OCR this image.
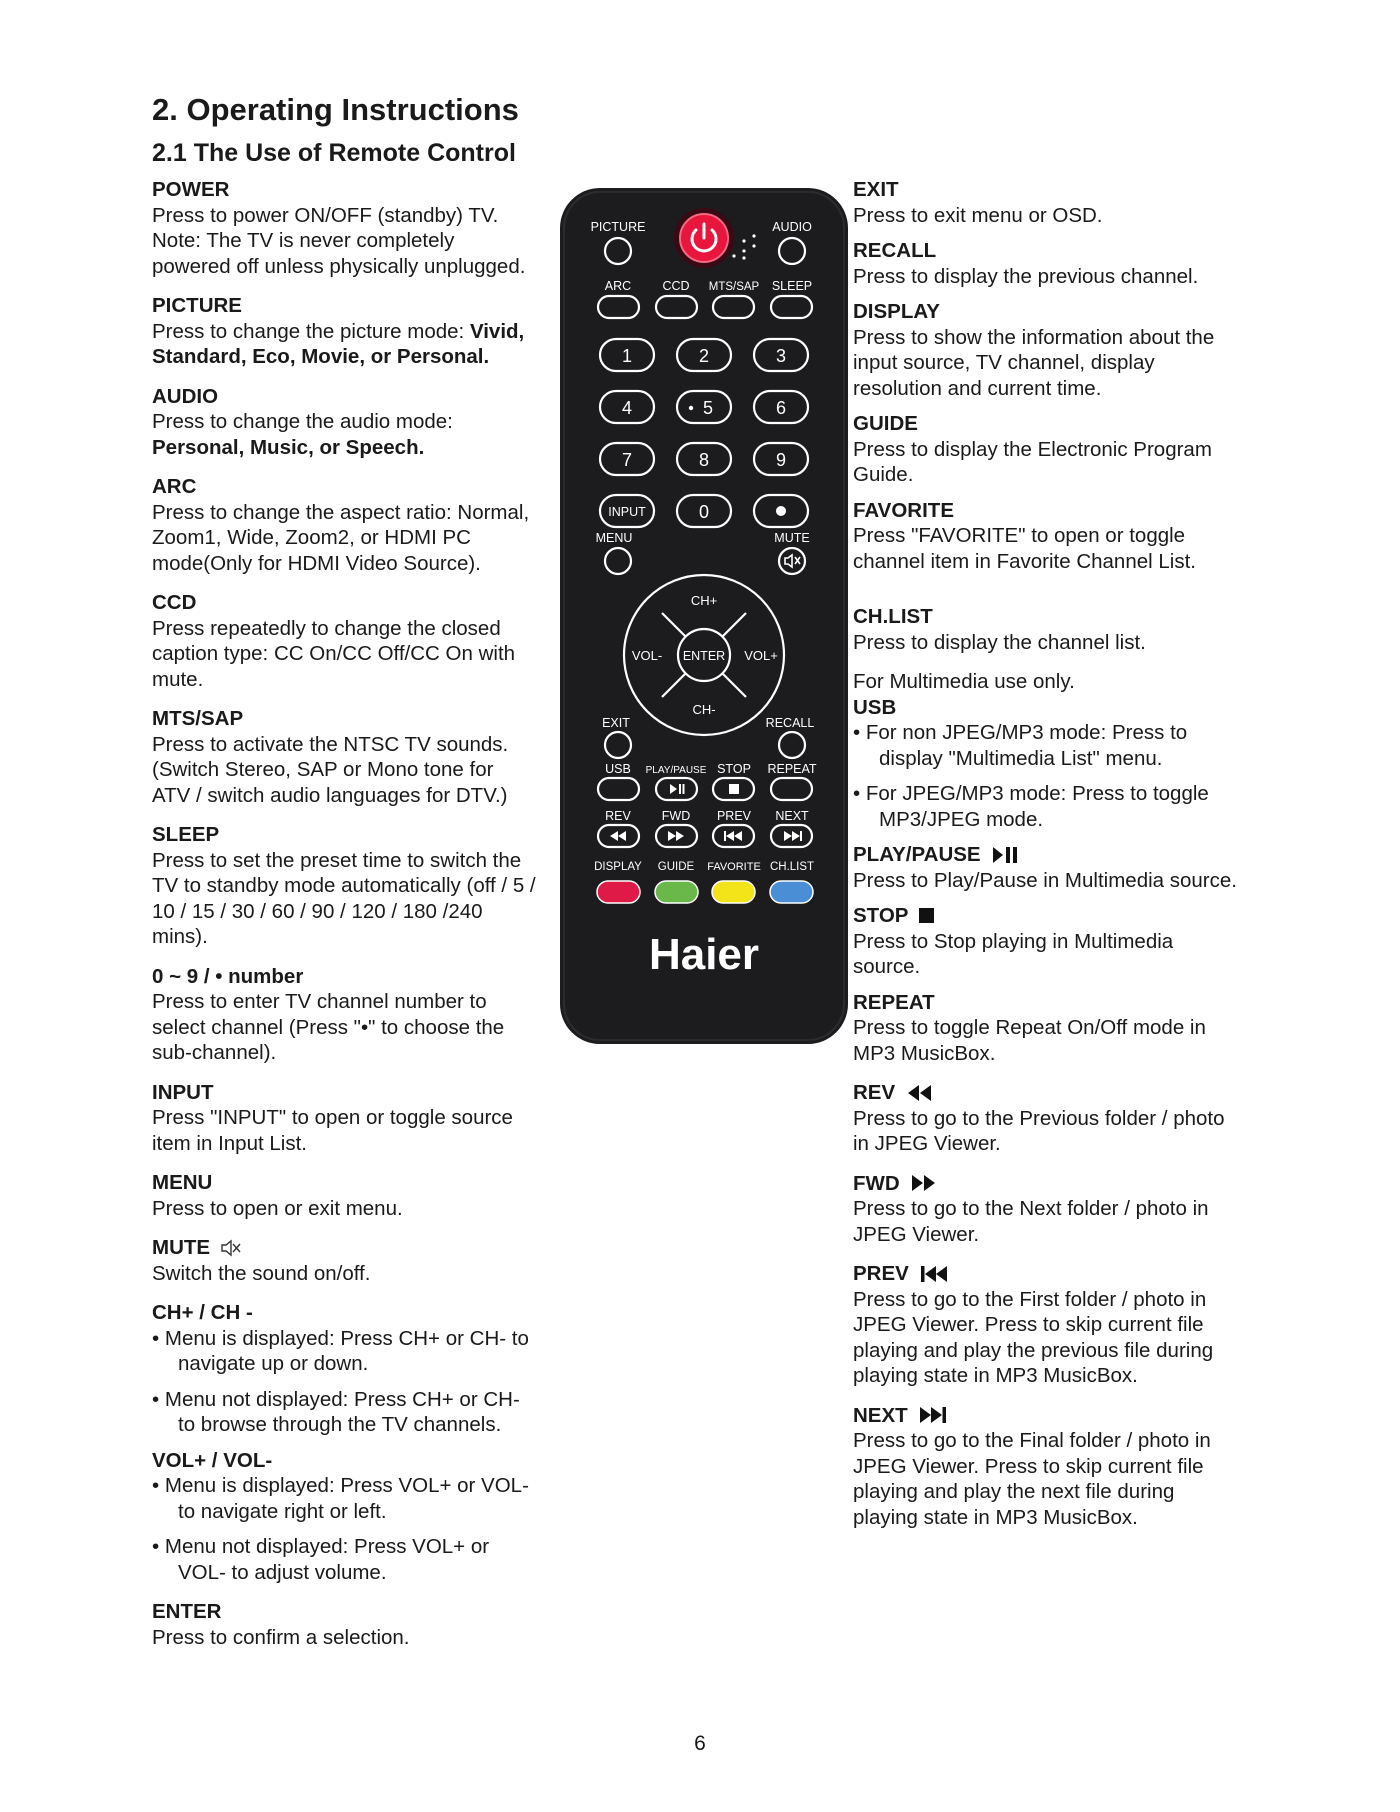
2. Operating Instructions
2.1 The Use of Remote Control
POWER
Press to power ON/OFF (standby) TV.
Note: The TV is never completely
powered off unless physically unplugged.
PICTURE
Press to change the picture mode: Vivid,
Standard, Eco, Movie, or Personal.
AUDIO
Press to change the audio mode:
Personal, Music, or Speech.
ARC
Press to change the aspect ratio: Normal,
Zoom1, Wide, Zoom2, or HDMI PC
mode(Only for HDMI Video Source).
CCD
Press repeatedly to change the closed
caption type: CC On/CC Off/CC On with
mute.
MTS/SAP
Press to activate the NTSC TV sounds.
(Switch Stereo, SAP or Mono tone for
ATV / switch audio languages for DTV.)
SLEEP
Press to set the preset time to switch the
TV to standby mode automatically (off / 5 /
10 / 15 / 30 / 60 / 90 / 120 / 180 /240
mins).
0 ~ 9 / • number
Press to enter TV channel number to
select channel (Press "•" to choose the
sub-channel).
INPUT
Press "INPUT" to open or toggle source
item in Input List.
MENU
Press to open or exit menu.
MUTE
Switch the sound on/off.
CH+ / CH -
• Menu is displayed: Press CH+ or CH- to
navigate up or down.
• Menu not displayed: Press CH+ or CH-
to browse through the TV channels.
VOL+ / VOL-
• Menu is displayed: Press VOL+ or VOL-
to navigate right or left.
• Menu not displayed: Press VOL+ or
VOL- to adjust volume.
ENTER
Press to confirm a selection.
EXIT
Press to exit menu or OSD.
RECALL
Press to display the previous channel.
DISPLAY
Press to show the information about the
input source, TV channel, display
resolution and current time.
GUIDE
Press to display the Electronic Program
Guide.
FAVORITE
Press "FAVORITE" to open or toggle
channel item in Favorite Channel List.
CH.LIST
Press to display the channel list.
For Multimedia use only.
USB
• For non JPEG/MP3 mode: Press to
display "Multimedia List" menu.
• For JPEG/MP3 mode: Press to toggle
MP3/JPEG mode.
PLAY/PAUSE
Press to Play/Pause in Multimedia source.
STOP
Press to Stop playing in Multimedia
source.
REPEAT
Press to toggle Repeat On/Off mode in
MP3 MusicBox.
REV
Press to go to the Previous folder / photo
in JPEG Viewer.
FWD
Press to go to the Next folder / photo in
JPEG Viewer.
PREV
Press to go to the First folder / photo in
JPEG Viewer. Press to skip current file
playing and play the previous file during
playing state in MP3 MusicBox.
NEXT
Press to go to the Final folder / photo in
JPEG Viewer. Press to skip current file
playing and play the next file during
playing state in MP3 MusicBox.
PICTURE	AUDIO
ARC	CCD MTS/SAP SLEEP
MENU	MUTE
EXIT	RECALL
USB PLAY/PAUSE STOP REPEAT
REV FWD PREV NEXT
DISPLAY GUIDE FAVORITE CH.LIST
1	2	3
4	5	6
7	8	9
0
INPUT
CH+
CH-
VOL-	VOL+
ENTER
Haier
6
